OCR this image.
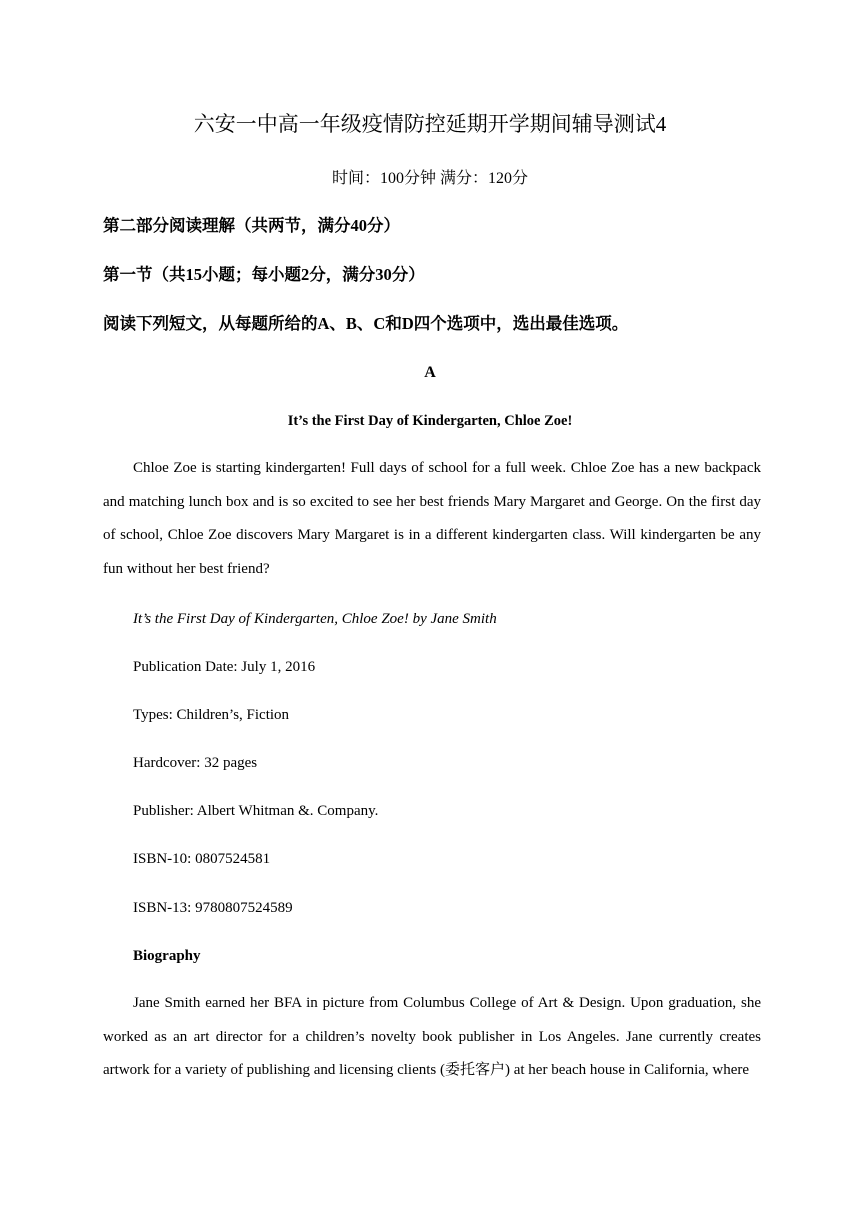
六安一中高一年级疫情防控延期开学期间辅导测试4
时间：100分钟 满分：120分
第二部分阅读理解（共两节，满分40分）
第一节（共15小题；每小题2分，满分30分）
阅读下列短文，从每题所给的A、B、C和D四个选项中，选出最佳选项。
A
It’s the First Day of Kindergarten, Chloe Zoe!

Chloe Zoe is starting kindergarten! Full days of school for a full week. Chloe Zoe has a new backpack and matching lunch box and is so excited to see her best friends Mary Margaret and George. On the first day of school, Chloe Zoe discovers Mary Margaret is in a different kindergarten class. Will kindergarten be any fun without her best friend?

It’s the First Day of Kindergarten, Chloe Zoe! by Jane Smith
Publication Date: July 1, 2016
Types: Children’s, Fiction
Hardcover: 32 pages
Publisher: Albert Whitman &. Company.
ISBN-10: 0807524581
ISBN-13: 9780807524589
Biography

Jane Smith earned her BFA in picture from Columbus College of Art & Design. Upon graduation, she worked as an art director for a children’s novelty book publisher in Los Angeles. Jane currently creates artwork for a variety of publishing and licensing clients (委托客户) at her beach house in California, where
